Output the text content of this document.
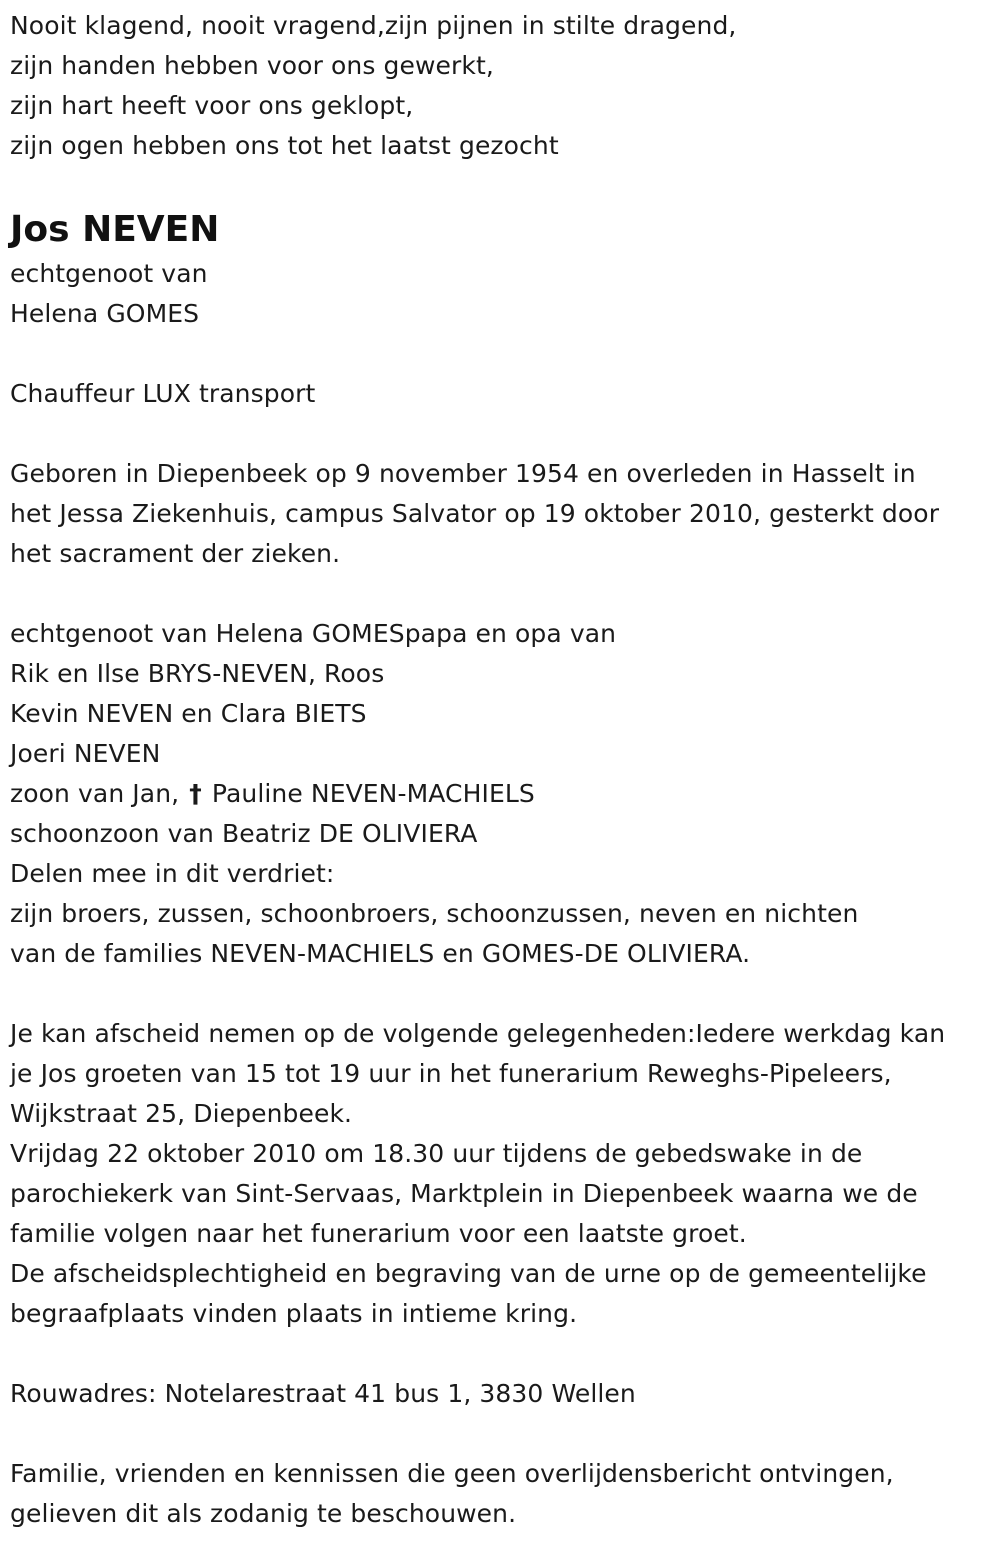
Nooit klagend, nooit vragend,zijn pijnen in stilte dragend,
zijn handen hebben voor ons gewerkt,
zijn hart heeft voor ons geklopt,
zijn ogen hebben ons tot het laatst gezocht
Jos NEVEN
echtgenoot van
Helena GOMES
Chauffeur LUX transport
Geboren in Diepenbeek op 9 november 1954 en overleden in Hasselt in
het Jessa Ziekenhuis, campus Salvator op 19 oktober 2010, gesterkt door
het sacrament der zieken.
echtgenoot van Helena GOMESpapa en opa van
Rik en Ilse BRYS-NEVEN, Roos
Kevin NEVEN en Clara BIETS
Joeri NEVEN
zoon van Jan, † Pauline NEVEN-MACHIELS
schoonzoon van Beatriz DE OLIVIERA
Delen mee in dit verdriet:
zijn broers, zussen, schoonbroers, schoonzussen, neven en nichten
van de families NEVEN-MACHIELS en GOMES-DE OLIVIERA.
Je kan afscheid nemen op de volgende gelegenheden:Iedere werkdag kan
je Jos groeten van 15 tot 19 uur in het funerarium Reweghs-Pipeleers,
Wijkstraat 25, Diepenbeek.
Vrijdag 22 oktober 2010 om 18.30 uur tijdens de gebedswake in de
parochiekerk van Sint-Servaas, Marktplein in Diepenbeek waarna we de
familie volgen naar het funerarium voor een laatste groet.
De afscheidsplechtigheid en begraving van de urne op de gemeentelijke
begraafplaats vinden plaats in intieme kring.
Rouwadres: Notelarestraat 41 bus 1, 3830 Wellen
Familie, vrienden en kennissen die geen overlijdensbericht ontvingen,
gelieven dit als zodanig te beschouwen.
